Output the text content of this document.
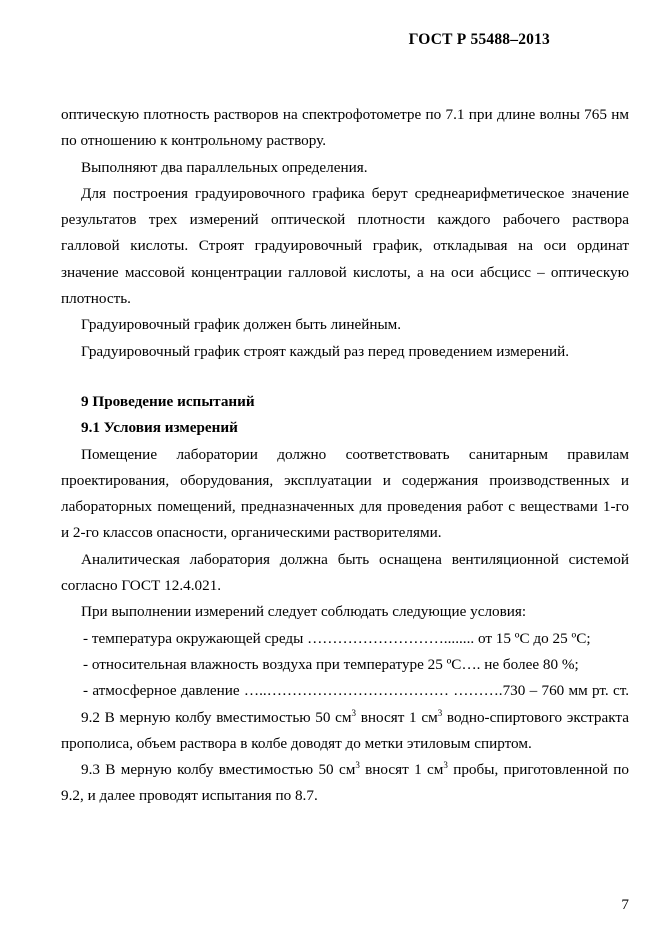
ГОСТ Р 55488–2013

оптическую плотность растворов на спектрофотометре по 7.1 при длине волны 765 нм по отношению к контрольному раствору.

Выполняют два параллельных определения.

Для построения градуировочного графика берут среднеарифметическое значение результатов трех измерений оптической плотности каждого рабочего раствора галловой кислоты. Строят градуировочный график, откладывая на оси ординат значение массовой концентрации галловой кислоты, а на оси абсцисс – оптическую плотность.

Градуировочный график должен быть линейным.

Градуировочный график строят каждый раз перед проведением измерений.

9 Проведение испытаний

9.1 Условия измерений

Помещение лаборатории должно соответствовать санитарным правилам проектирования, оборудования, эксплуатации и содержания производственных и лабораторных помещений, предназначенных для проведения работ с веществами 1-го и 2-го классов опасности, органическими растворителями.

Аналитическая лаборатория должна быть оснащена вентиляционной системой согласно ГОСТ 12.4.021.

При выполнении измерений следует соблюдать следующие условия:

- температура окружающей среды ………………………........ от 15 ºС до 25 ºС;

- относительная влажность воздуха при температуре 25 ºС…. не более 80 %;

- атмосферное давление …..……………………………… ……….730 – 760 мм рт. ст.

9.2 В мерную колбу вместимостью 50 $см^3$ вносят 1 $см^3$ водно-спиртового экстракта прополиса, объем раствора в колбе доводят до метки этиловым спиртом.

9.3 В мерную колбу вместимостью 50 $см^3$ вносят 1 $см^3$ пробы, приготовленной по 9.2, и далее проводят испытания по 8.7.

7
